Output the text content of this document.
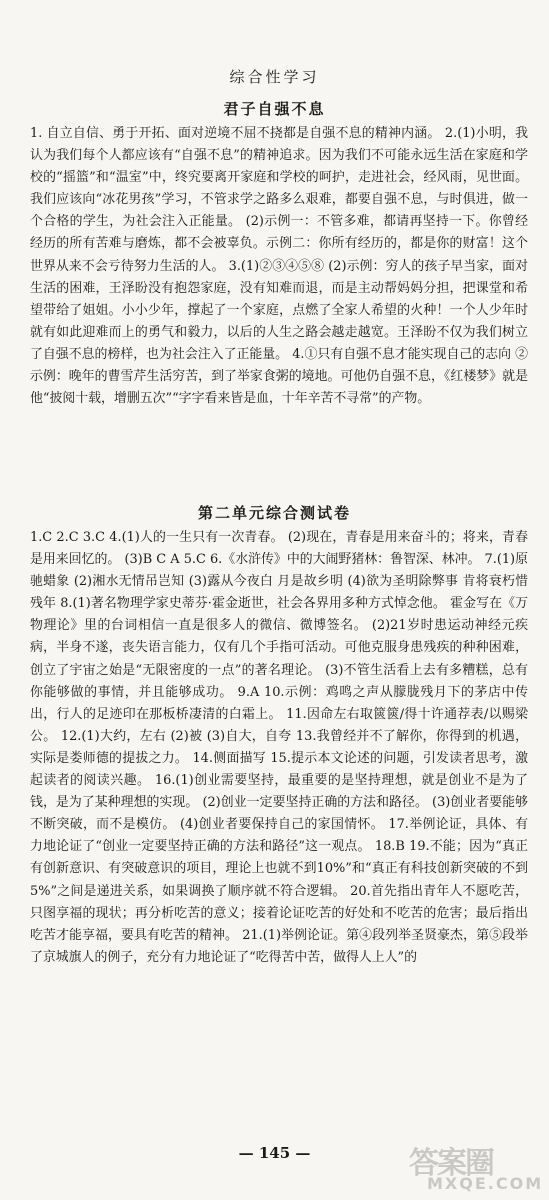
综合性学习
君子自强不息
1. 自立自信、勇于开拓、面对逆境不屈不挠都是自强不息的精神内涵。 2.(1)小明，我认为我们每个人都应该有“自强不息”的精神追求。因为我们不可能永远生活在家庭和学校的“摇篮”和“温室”中，终究要离开家庭和学校的呵护，走进社会，经风雨，见世面。我们应该向“冰花男孩”学习，不管求学之路多么艰难，都要自强不息，与时俱进，做一个合格的学生，为社会注入正能量。 (2)示例一：不管多难，都请再坚持一下。你曾经经历的所有苦难与磨炼，都不会被辜负。示例二：你所有经历的，都是你的财富！这个世界从来不会亏待努力生活的人。 3.(1)②③④⑤⑧ (2)示例：穷人的孩子早当家，面对生活的困难，王泽盼没有抱怨家庭，没有知难而退，而是主动帮妈妈分担，把课堂和希望带给了姐姐。小小少年，撑起了一个家庭，点燃了全家人希望的火种！一个人少年时就有如此迎难而上的勇气和毅力，以后的人生之路会越走越宽。王泽盼不仅为我们树立了自强不息的榜样，也为社会注入了正能量。 4.①只有自强不息才能实现自己的志向 ②示例：晚年的曹雪芹生活穷苦，到了举家食粥的境地。可他仍自强不息，《红楼梦》就是他“披阅十载，增删五次”“字字看来皆是血，十年辛苦不寻常”的产物。
第二单元综合测试卷
1.C 2.C 3.C 4.(1)人的一生只有一次青春。 (2)现在，青春是用来奋斗的；将来，青春是用来回忆的。 (3)B C A 5.C 6.《水浒传》中的大闹野猪林：鲁智深、林冲。 7.(1)原驰蜡象 (2)湘水无情吊岂知 (3)露从今夜白 月是故乡明 (4)欲为圣明除弊事 肯将衰朽惜残年 8.(1)著名物理学家史蒂芬·霍金逝世，社会各界用多种方式悼念他。 霍金写在《万物理论》里的台词相信一直是很多人的微信、微博签名。 (2)21岁时患运动神经元疾病，半身不遂，丧失语言能力，仅有几个手指可活动。可他克服身患残疾的种种困难，创立了宇宙之始是“无限密度的一点”的著名理论。 (3)不管生活看上去有多糟糕，总有你能够做的事情，并且能够成功。 9.A 10.示例：鸡鸣之声从朦胧残月下的茅店中传出，行人的足迹印在那板桥凄清的白霜上。 11.因命左右取篋篋/得十许通荐表/以赐梁公。 12.(1)大约，左右 (2)被 (3)自大，自夸 13.我曾经并不了解你，你得到的机遇，实际是娄师德的提拔之力。 14.侧面描写 15.提示本文论述的问题，引发读者思考，激起读者的阅读兴趣。 16.(1)创业需要坚持，最重要的是坚持理想，就是创业不是为了钱，是为了某种理想的实现。 (2)创业一定要坚持正确的方法和路径。 (3)创业者要能够不断突破，而不是模仿。 (4)创业者要保持自己的家国情怀。 17.举例论证，具体、有力地论证了“创业一定要坚持正确的方法和路径”这一观点。 18.B 19.不能；因为“真正有创新意识、有突破意识的项目，理论上也就不到10%”和“真正有科技创新突破的不到5%”之间是递进关系，如果调换了顺序就不符合逻辑。 20.首先指出青年人不愿吃苦，只图享福的现状；再分析吃苦的意义；接着论证吃苦的好处和不吃苦的危害；最后指出吃苦才能享福，要具有吃苦的精神。 21.(1)举例论证。第④段列举圣贤豪杰，第⑤段举了京城旗人的例子，充分有力地论证了“吃得苦中苦，做得人上人”的
— 145 —	答案圈
MXQE.COM
